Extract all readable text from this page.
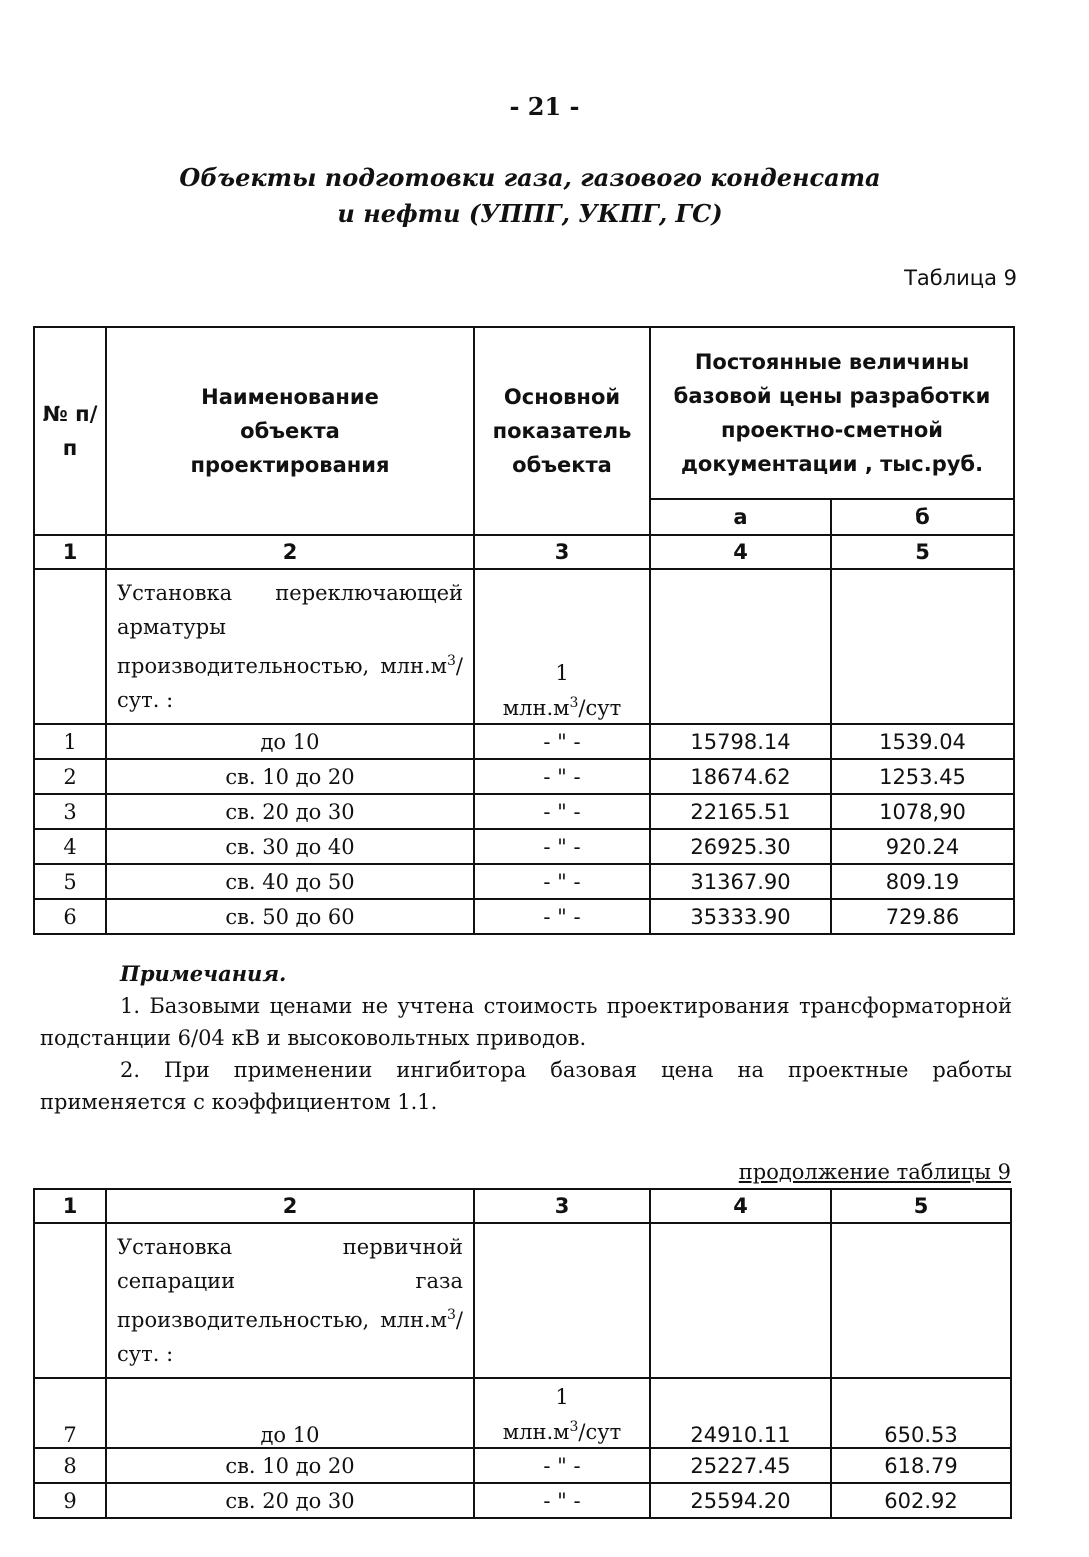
- 21 -
Объекты подготовки газа, газового конденсата
и нефти (УППГ, УКПГ, ГС)
Таблица 9
№ п/п	Наименование объекта проектирования	Основной показатель объекта	Постоянные величины базовой цены разработки проектно-сметной документации , тыс.руб.	
			а	б
1	2	3	4	5
	Установка переключающей арматуры производительностью, $млн.м^3$/сут. :	1
$млн.м^3$/сут		

1	до 10	- " -	15798.14	1539.04
2	св. 10 до 20	- " -	18674.62	1253.45
3	св. 20 до 30	- " -	22165.51	1078,90
4	св. 30 до 40	- " -	26925.30	920.24
5	св. 40 до 50	- " -	31367.90	809.19
6	св. 50 до 60	- " -	35333.90	729.86
Примечания.

1. Базовыми ценами не учтена стоимость проектирования трансформаторной подстанции 6/04 кВ и высоковольтных приводов.

2. При применении ингибитора базовая цена на проектные работы применяется с коэффициентом 1.1.

продолжение таблицы 9
1	2	3	4	5
	Установка первичной сепарации газа производительностью, $млн.м^3$/сут. :			
7	до 10	1
$млн.м^3$/сут	24910.11	650.53
8	св. 10 до 20	- " -	25227.45	618.79
9	св. 20 до 30	- " -	25594.20	602.92
